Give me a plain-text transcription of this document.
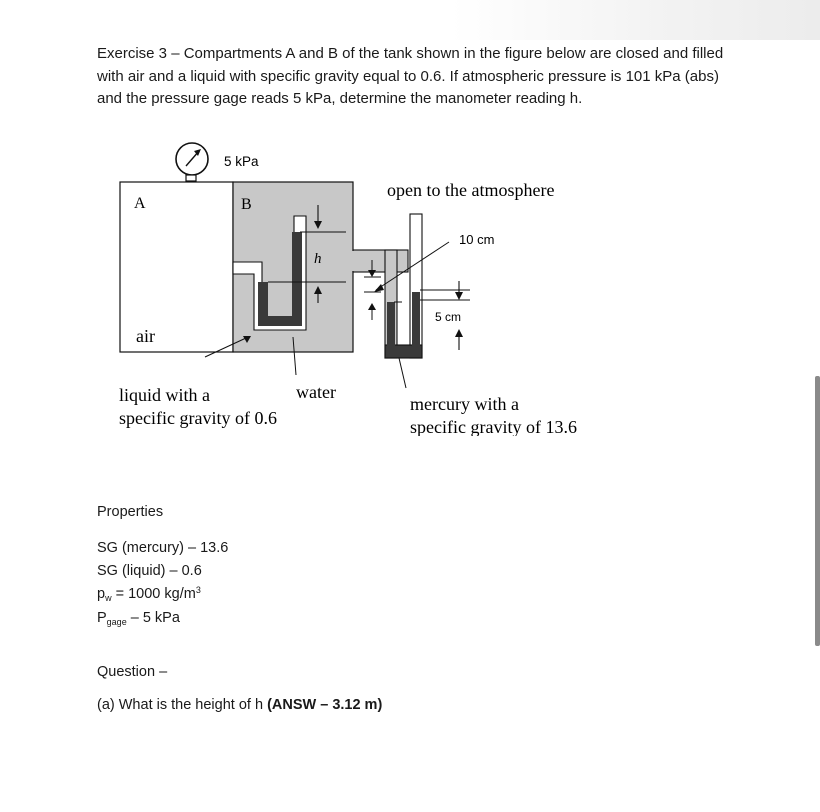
Exercise 3 – Compartments A and B of the tank shown in the figure below are closed and filled with air and a liquid with specific gravity equal to 0.6. If atmospheric pressure is 101 kPa (abs) and the pressure gage reads 5 kPa, determine the manometer reading h.

5 kPa
A
air
B
h
10 cm
5 cm
open to the atmosphere
liquid with a
specific gravity of 0.6
water
mercury with a
specific gravity of 13.6
Properties
SG (mercury) – 13.6
SG (liquid) – 0.6
$p_w = 1000$ $kg/m^3$
$P_{gage} - 5$ kPa
Question –
(a) What is the height of h (ANSW – 3.12 m)
